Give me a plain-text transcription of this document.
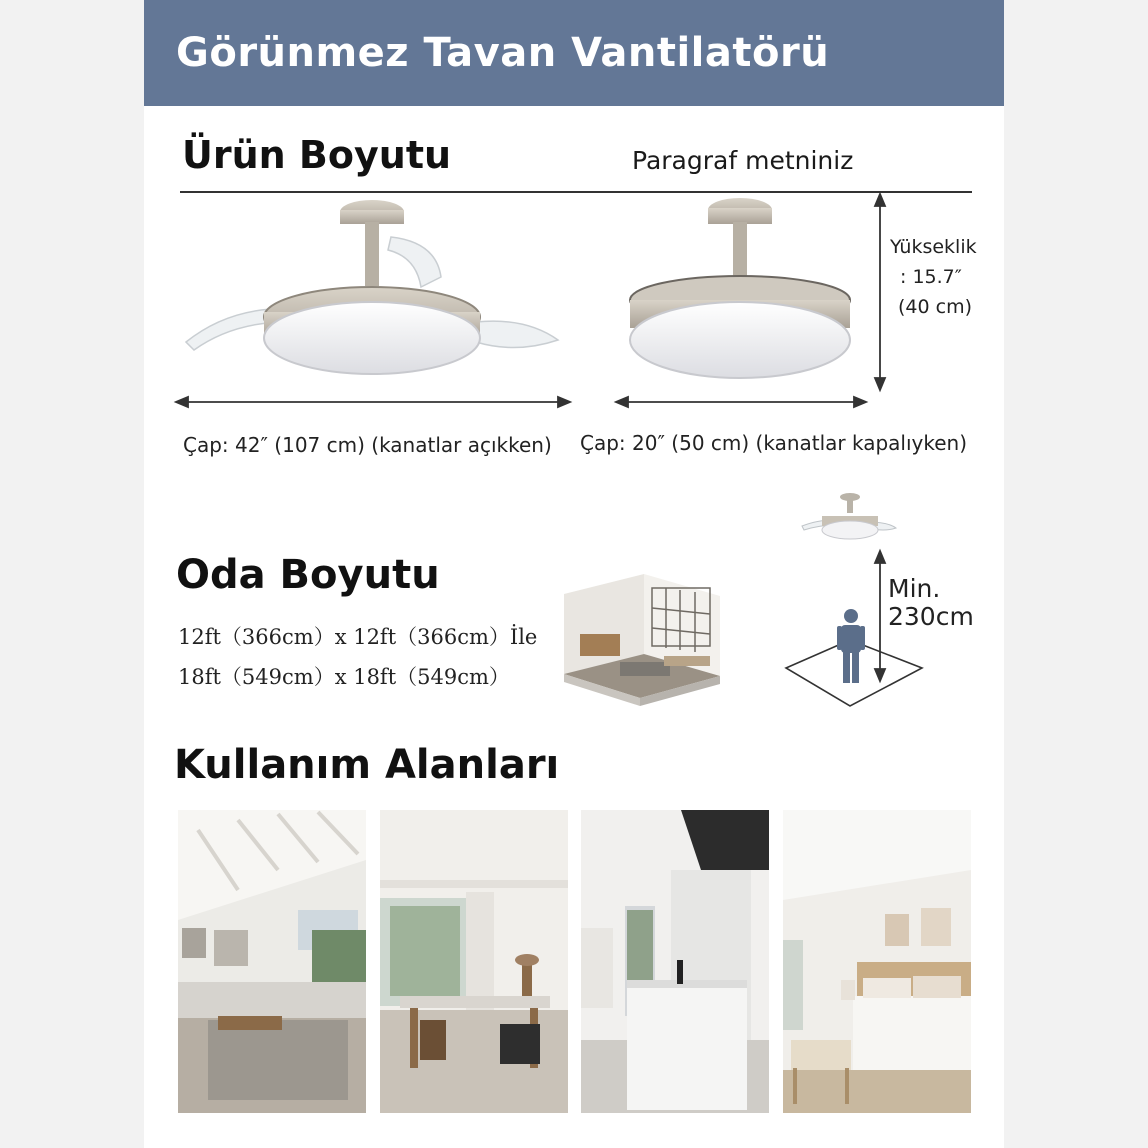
Görünmez Tavan Vantilatörü
Ürün Boyutu	Paragraf metniniz
Yükseklik
: 15.7″
(40 cm)
Çap: 42″ (107 cm) (kanatlar açıkken) Çap: 20″ (50 cm) (kanatlar kapalıyken)
Oda Boyutu
12ft（366cm）x 12ft（366cm）İle
18ft（549cm）x 18ft（549cm）
Min.
230cm
Kullanım Alanları
